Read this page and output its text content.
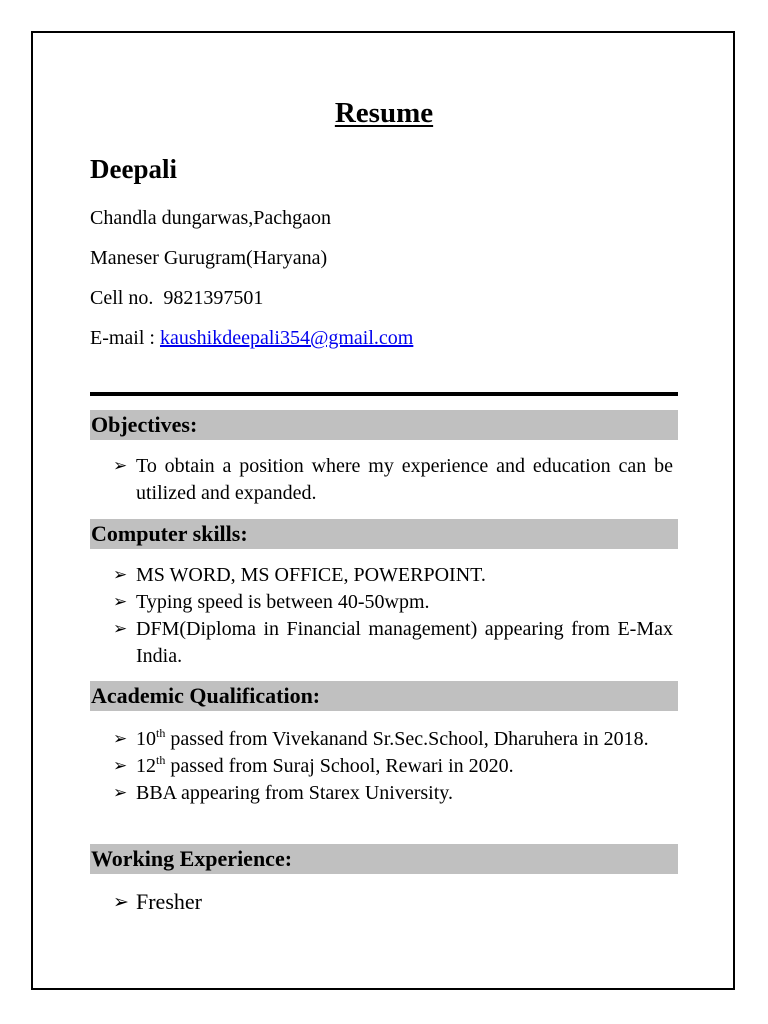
Resume
Deepali
Chandla dungarwas,Pachgaon
Maneser Gurugram(Haryana)
Cell no.  9821397501
E-mail : kaushikdeepali354@gmail.com
Objectives:
➢ To obtain a position where my experience and education can be utilized and expanded.
Computer skills:
➢ MS WORD, MS OFFICE, POWERPOINT.
➢ Typing speed is between 40-50wpm.
➢ DFM(Diploma in Financial management) appearing from E-Max India.
Academic Qualification:
➢ 10th passed from Vivekanand Sr.Sec.School, Dharuhera in 2018.
➢ 12th passed from Suraj School, Rewari in 2020.
➢ BBA appearing from Starex University.
Working Experience:
➢ Fresher
